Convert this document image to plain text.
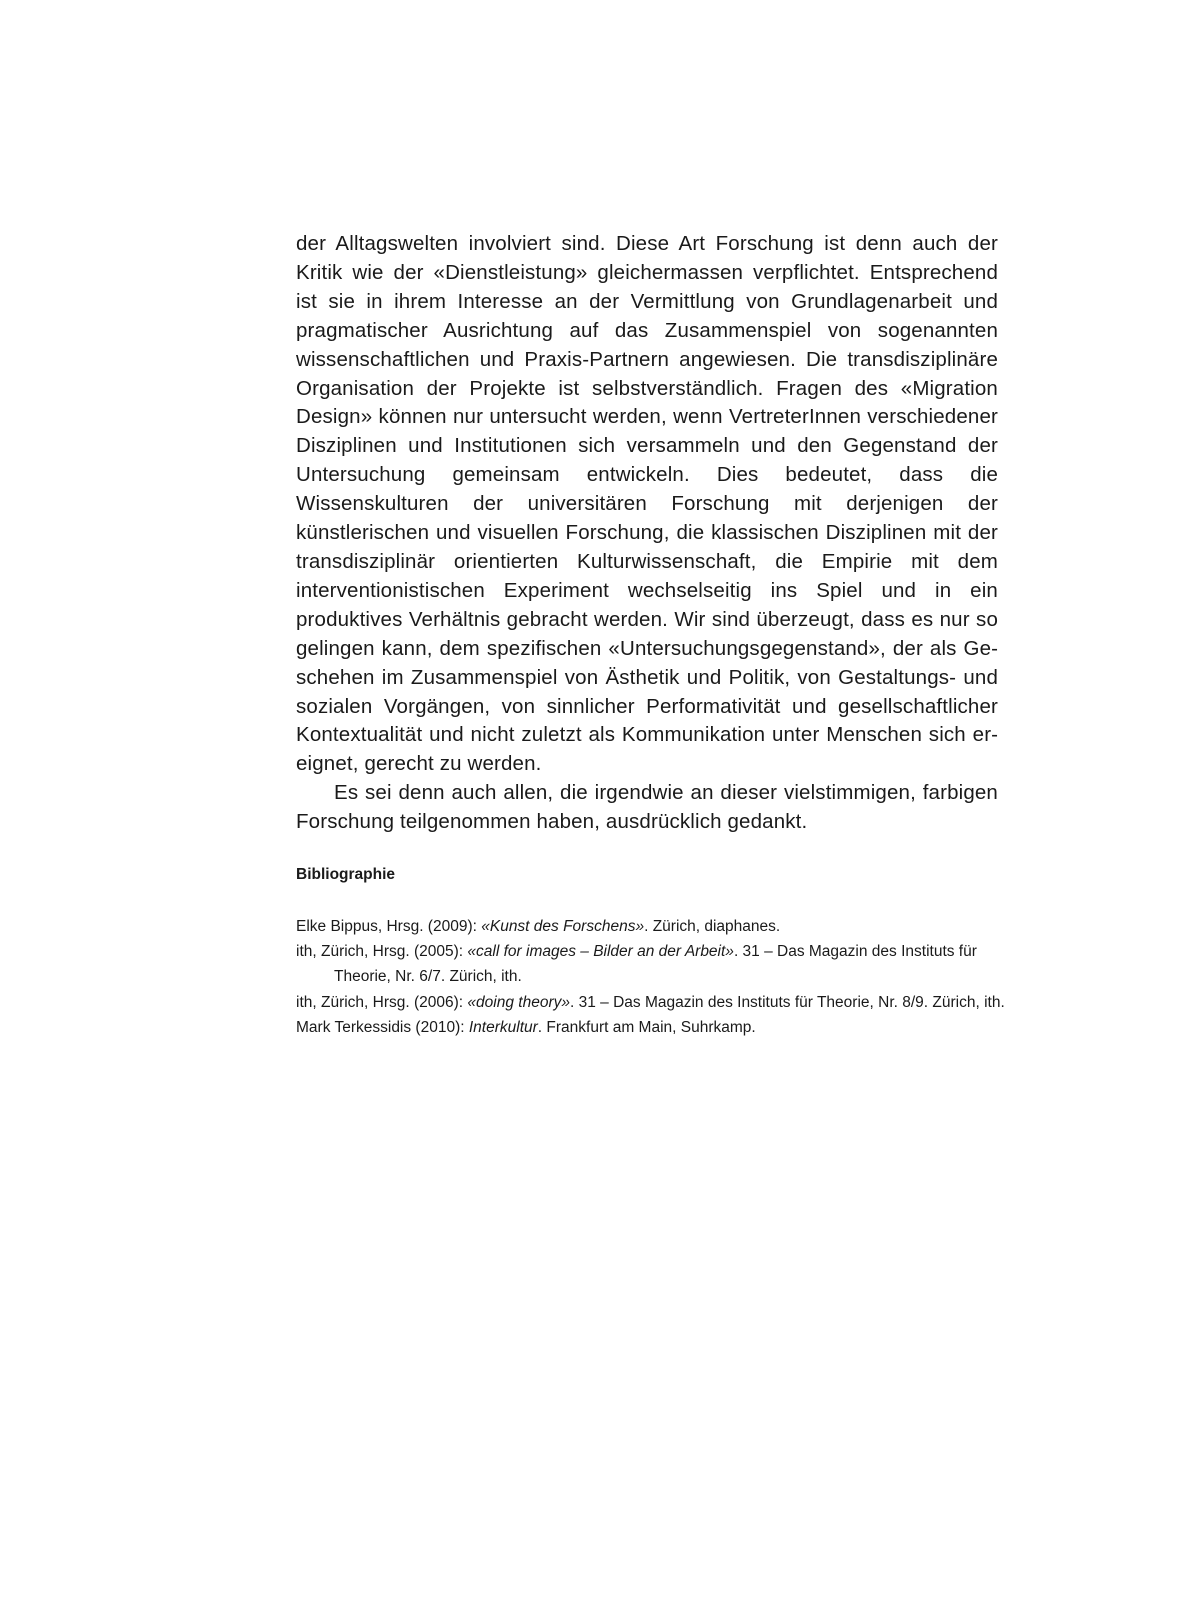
der Alltagswelten involviert sind. Diese Art Forschung ist denn auch der Kritik wie der «Dienstleistung» gleichermassen verpflichtet. Entsprechend ist sie in ihrem Interesse an der Vermittlung von Grundlagenarbeit und pragmatischer Ausrichtung auf das Zusammenspiel von sogenannten wissenschaftlichen und Praxis-Partnern angewiesen. Die transdisziplinäre Organisation der Projekte ist selbstverständlich. Fragen des «Migration Design» können nur untersucht werden, wenn VertreterInnen verschiedener Disziplinen und Institutionen sich versammeln und den Gegenstand der Untersuchung gemeinsam entwickeln. Dies bedeutet, dass die Wissenskulturen der universitären Forschung mit derjenigen der künstlerischen und visuellen Forschung, die klassischen Disziplinen mit der transdisziplinär orientierten Kulturwissenschaft, die Empirie mit dem interventionistischen Experiment wechselseitig ins Spiel und in ein produktives Verhältnis gebracht werden. Wir sind überzeugt, dass es nur so gelingen kann, dem spezifischen «Untersuchungsgegenstand», der als Geschehen im Zusammenspiel von Ästhetik und Politik, von Gestaltungs- und sozialen Vorgängen, von sinnlicher Performativität und gesellschaftlicher Kontextualität und nicht zuletzt als Kommunikation unter Menschen sich ereignet, gerecht zu werden.

Es sei denn auch allen, die irgendwie an dieser vielstimmigen, farbigen Forschung teilgenommen haben, ausdrücklich gedankt.

Bibliographie
Elke Bippus, Hrsg. (2009): «Kunst des Forschens». Zürich, diaphanes.
ith, Zürich, Hrsg. (2005): «call for images – Bilder an der Arbeit». 31 – Das Magazin des Instituts für Theorie, Nr. 6/7. Zürich, ith.
ith, Zürich, Hrsg. (2006): «doing theory». 31 – Das Magazin des Instituts für Theorie, Nr. 8/9. Zürich, ith.
Mark Terkessidis (2010): Interkultur. Frankfurt am Main, Suhrkamp.
